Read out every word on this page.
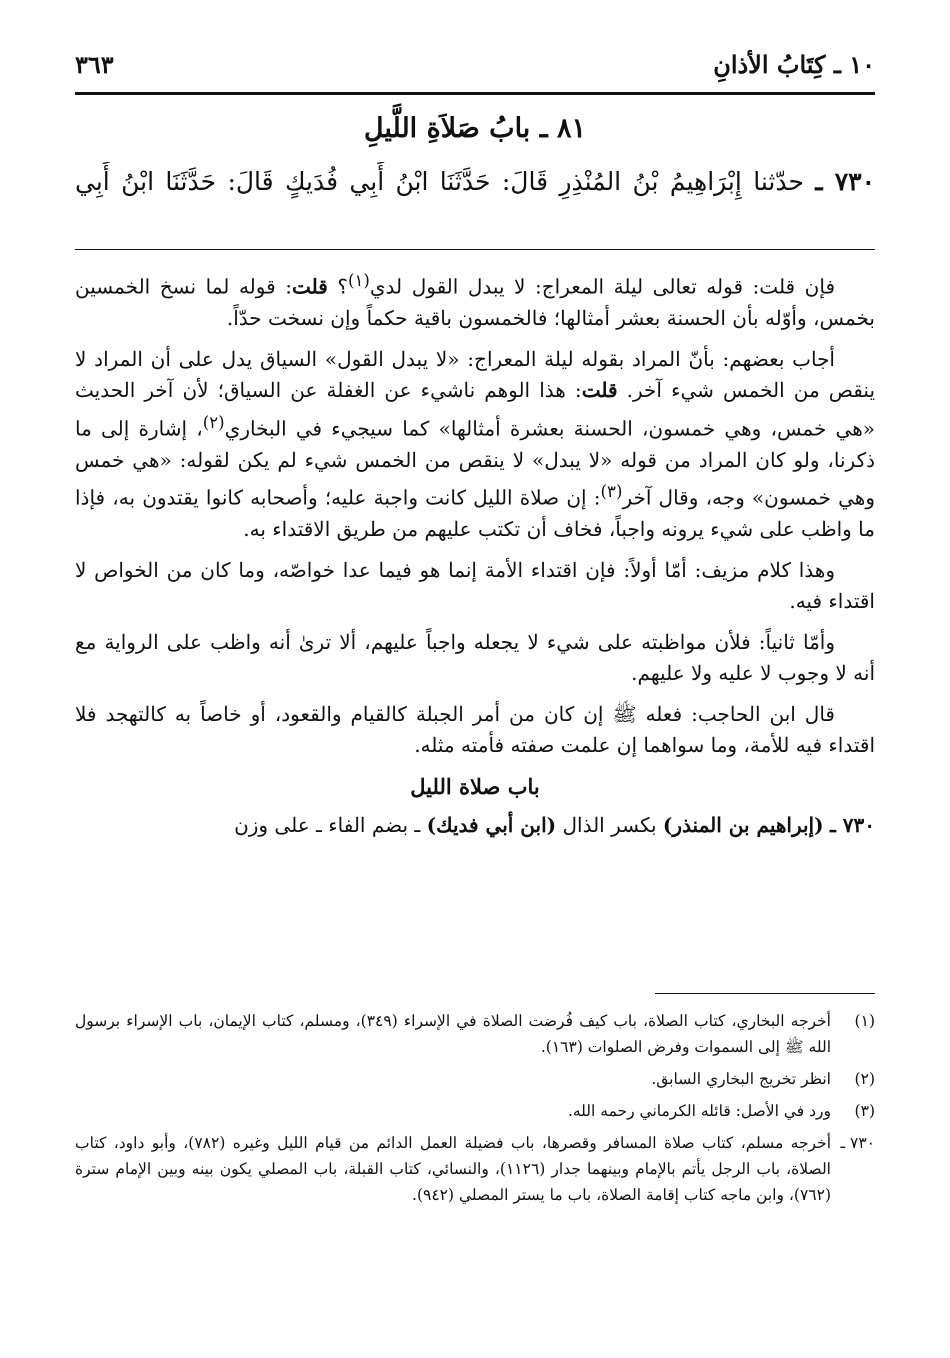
١٠ ـ كِتَابُ الأذانِ
٣٦٣
٨١ ـ بابُ صَلاَةِ اللَّيلِ
٧٣٠ ـ حدّثنا إِبْرَاهِيمُ بْنُ المُنْذِرِ قَالَ: حَدَّثَنَا ابْنُ أَبِي فُدَيكٍ قَالَ: حَدَّثَنَا ابْنُ أَبِي

فإن قلت: قوله تعالى ليلة المعراج: لا يبدل القول لدي$^{(١)}$؟ قلت: قوله لما نسخ الخمسين بخمس، وأوّله بأن الحسنة بعشر أمثالها؛ فالخمسون باقية حكماً وإن نسخت حدّاً.

أجاب بعضهم: بأنّ المراد بقوله ليلة المعراج: «لا يبدل القول» السياق يدل على أن المراد لا ينقص من الخمس شيء آخر. قلت: هذا الوهم ناشيء عن الغفلة عن السياق؛ لأن آخر الحديث «هي خمس، وهي خمسون، الحسنة بعشرة أمثالها» كما سيجيء في البخاري$^{(٢)}$، إشارة إلى ما ذكرنا، ولو كان المراد من قوله «لا يبدل» لا ينقص من الخمس شيء لم يكن لقوله: «هي خمس وهي خمسون» وجه، وقال آخر$^{(٣)}$: إن صلاة الليل كانت واجبة عليه؛ وأصحابه كانوا يقتدون به، فإذا ما واظب على شيء يرونه واجباً، فخاف أن تكتب عليهم من طريق الاقتداء به.

وهذا كلام مزيف: أمّا أولاً: فإن اقتداء الأمة إنما هو فيما عدا خواصّه، وما كان من الخواص لا اقتداء فيه.

وأمّا ثانياً: فلأن مواظبته على شيء لا يجعله واجباً عليهم، ألا ترىٰ أنه واظب على الرواية مع أنه لا وجوب لا عليه ولا عليهم.

قال ابن الحاجب: فعله ﷺ إن كان من أمر الجبلة كالقيام والقعود، أو خاصاً به كالتهجد فلا اقتداء فيه للأمة، وما سواهما إن علمت صفته فأمته مثله.

باب صلاة الليل

٧٣٠ ـ (إبراهيم بن المنذر) بكسر الذال (ابن أبي فديك) ـ بضم الفاء ـ على وزن

(١)
أخرجه البخاري، كتاب الصلاة، باب كيف فُرضت الصلاة في الإسراء (٣٤٩)، ومسلم، كتاب الإيمان، باب الإسراء برسول الله ﷺ إلى السموات وفرض الصلوات (١٦٣).
(٢)
انظر تخريج البخاري السابق.
(٣)
ورد في الأصل: قائله الكرماني رحمه الله.
٧٣٠ ـ
أخرجه مسلم، كتاب صلاة المسافر وقصرها، باب فضيلة العمل الدائم من قيام الليل وغيره (٧٨٢)، وأبو داود، كتاب الصلاة، باب الرجل يأتم بالإمام وبينهما جدار (١١٢٦)، والنسائي، كتاب القبلة، باب المصلي يكون بينه وبين الإمام سترة (٧٦٢)، وابن ماجه كتاب إقامة الصلاة، باب ما يستر المصلي (٩٤٢).
